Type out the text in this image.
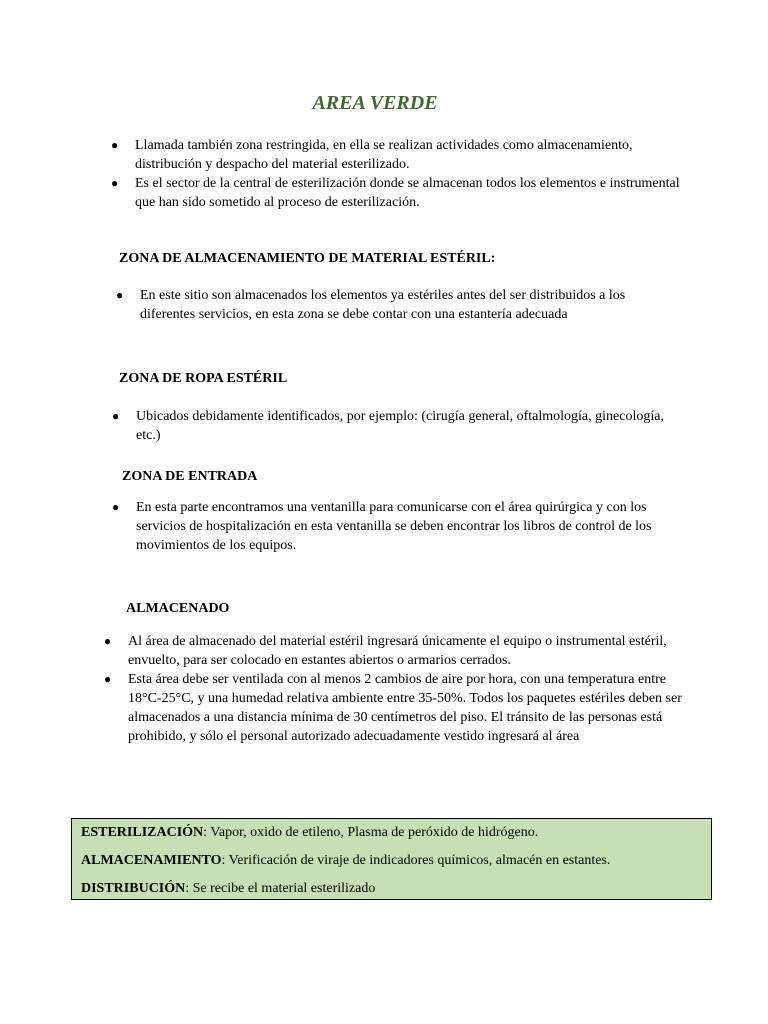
AREA VERDE
● Llamada también zona restringida, en ella se realizan actividades como almacenamiento, distribución y despacho del material esterilizado.
● Es el sector de la central de esterilización donde se almacenan todos los elementos e instrumental que han sido sometido al proceso de esterilización.
ZONA DE ALMACENAMIENTO DE MATERIAL ESTÉRIL:
● En este sitio son almacenados los elementos ya estériles antes del ser distribuidos a los diferentes servicios, en esta zona se debe contar con una estantería adecuada
ZONA DE ROPA ESTÉRIL
● Ubicados debidamente identificados, por ejemplo: (cirugía general, oftalmología, ginecología, etc.)
ZONA DE ENTRADA
● En esta parte encontramos una ventanilla para comunicarse con el área quirúrgica y con los servicios de hospitalización en esta ventanilla se deben encontrar los libros de control de los movimientos de los equipos.
ALMACENADO
● Al área de almacenado del material estéril ingresará únicamente el equipo o instrumental estéril, envuelto, para ser colocado en estantes abiertos o armarios cerrados.
● Esta área debe ser ventilada con al menos 2 cambios de aire por hora, con una temperatura entre 18°C-25°C, y una humedad relativa ambiente entre 35-50%. Todos los paquetes estériles deben ser almacenados a una distancia mínima de 30 centímetros del piso. El tránsito de las personas está prohibido, y sólo el personal autorizado adecuadamente vestido ingresará al área

ESTERILIZACIÓN: Vapor, oxido de etileno, Plasma de peróxido de hidrógeno.

ALMACENAMIENTO: Verificación de viraje de indicadores químicos, almacén en estantes.

DISTRIBUCIÓN: Se recibe el material esterilizado
